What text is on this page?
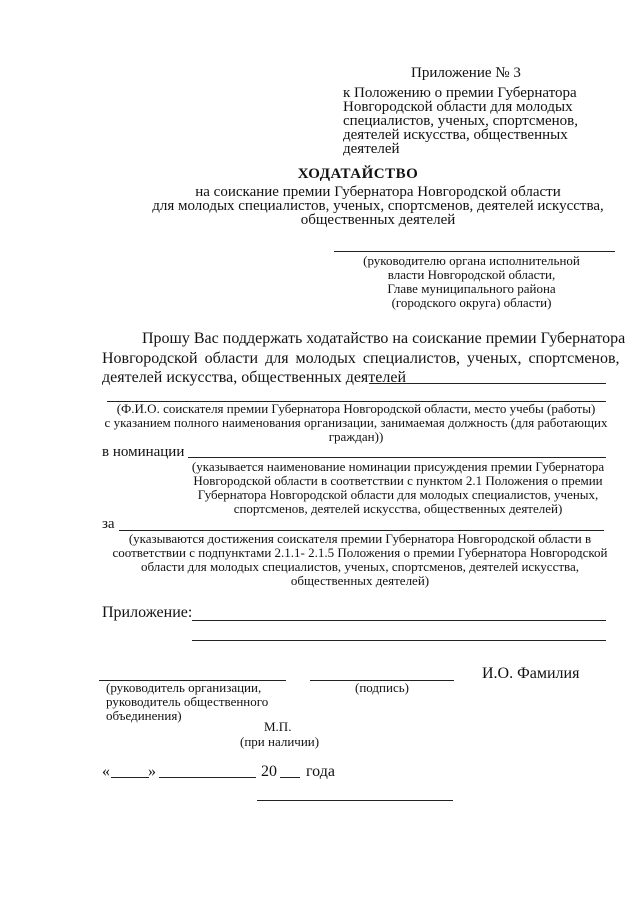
Приложение № 3
к Положению о премии Губернатора
Новгородской области для молодых
специалистов, ученых, спортсменов,
деятелей искусства, общественных
деятелей
ХОДАТАЙСТВО
на соискание премии Губернатора Новгородской области
для молодых специалистов, ученых, спортсменов, деятелей искусства,
общественных деятелей
(руководителю органа исполнительной
власти Новгородской области,
Главе муниципального района
(городского округа) области)
Прошу Вас поддержать ходатайство на соискание премии Губернатора
Новгородской области для молодых специалистов, ученых, спортсменов,
деятелей искусства, общественных деятелей
(Ф.И.О. соискателя премии Губернатора Новгородской области, место учебы (работы)
с указанием полного наименования организации, занимаемая должность (для работающих
граждан))
в номинации
(указывается наименование номинации присуждения премии Губернатора
Новгородской области в соответствии с пунктом 2.1 Положения о премии
Губернатора Новгородской области для молодых специалистов, ученых,
спортсменов, деятелей искусства, общественных деятелей)
за
(указываются достижения соискателя премии Губернатора Новгородской области в
соответствии с подпунктами 2.1.1- 2.1.5 Положения о премии Губернатора Новгородской
области для молодых специалистов, ученых, спортсменов, деятелей искусства,
общественных деятелей)
Приложение:
И.О. Фамилия
(руководитель организации,
руководитель общественного
объединения)
(подпись)
М.П.
(при наличии)
« »	20 года
